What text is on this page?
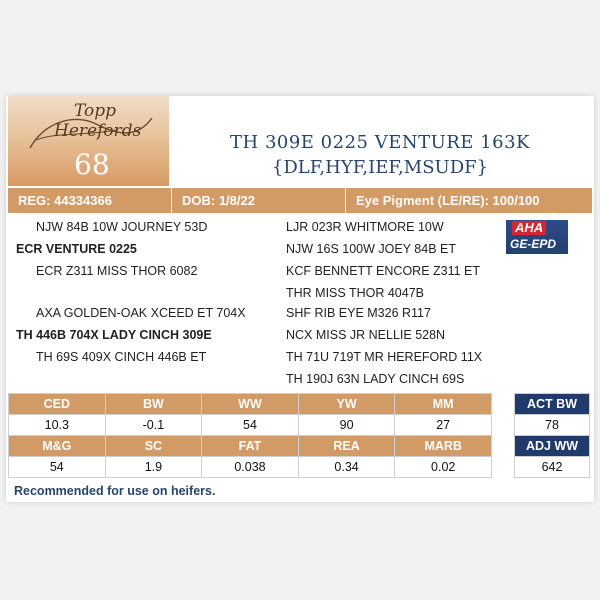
Topp
Herefords
68
TH 309E 0225 VENTURE 163K
{DLF,HYF,IEF,MSUDF}
REG: 44334366	DOB: 1/8/22	Eye Pigment (LE/RE): 100/100
NJW 84B 10W JOURNEY 53D
ECR VENTURE 0225
ECR Z311 MISS THOR 6082
AXA GOLDEN-OAK XCEED ET 704X
TH 446B 704X LADY CINCH 309E
TH 69S 409X CINCH 446B ET
LJR 023R WHITMORE 10W
NJW 16S 100W JOEY 84B ET
KCF BENNETT ENCORE Z311 ET
THR MISS THOR 4047B
SHF RIB EYE M326 R117
NCX MISS JR NELLIE 528N
TH 71U 719T MR HEREFORD 11X
TH 190J 63N LADY CINCH 69S
AHA
GE-EPD
CED	BW	WW	YW	MM
10.3	-0.1	54	90	27
M&G	SC	FAT	REA	MARB
54	1.9	0.038	0.34	0.02
ACT BW
78
ADJ WW
642
Recommended for use on heifers.
